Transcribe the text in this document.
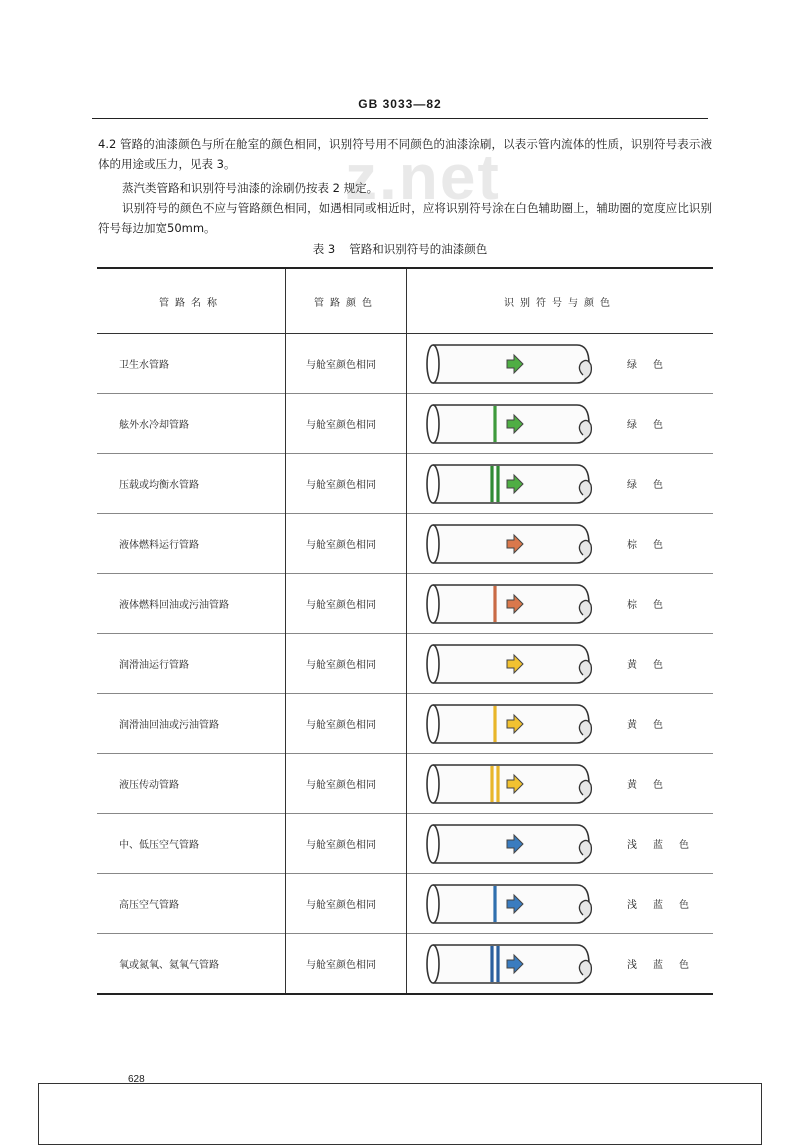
GB 3033—82
z.net
4.2 管路的油漆颜色与所在舱室的颜色相同，识别符号用不同颜色的油漆涂刷，以表示管内流体的性质，识别符号表示液体的用途或压力，见表 3。
蒸汽类管路和识别符号油漆的涂刷仍按表 2 规定。
识别符号的颜色不应与管路颜色相同，如遇相同或相近时，应将识别符号涂在白色辅助圈上，辅助圈的宽度应比识别符号每边加宽50mm。
表 3 管路和识别符号的油漆颜色
管路名称	管路颜色	识别符号与颜色

卫生水管路	与舱室颜色相同	绿色

舷外水冷却管路	与舱室颜色相同	绿色

压载或均衡水管路	与舱室颜色相同	绿色

液体燃料运行管路	与舱室颜色相同	棕色

液体燃料回油或污油管路	与舱室颜色相同	棕色

润滑油运行管路	与舱室颜色相同	黄色

润滑油回油或污油管路	与舱室颜色相同	黄色

液压传动管路	与舱室颜色相同	黄色

中、低压空气管路	与舱室颜色相同	浅蓝色

高压空气管路	与舱室颜色相同	浅蓝色

氧或氮氧、氦氧气管路	与舱室颜色相同	浅蓝色
628
